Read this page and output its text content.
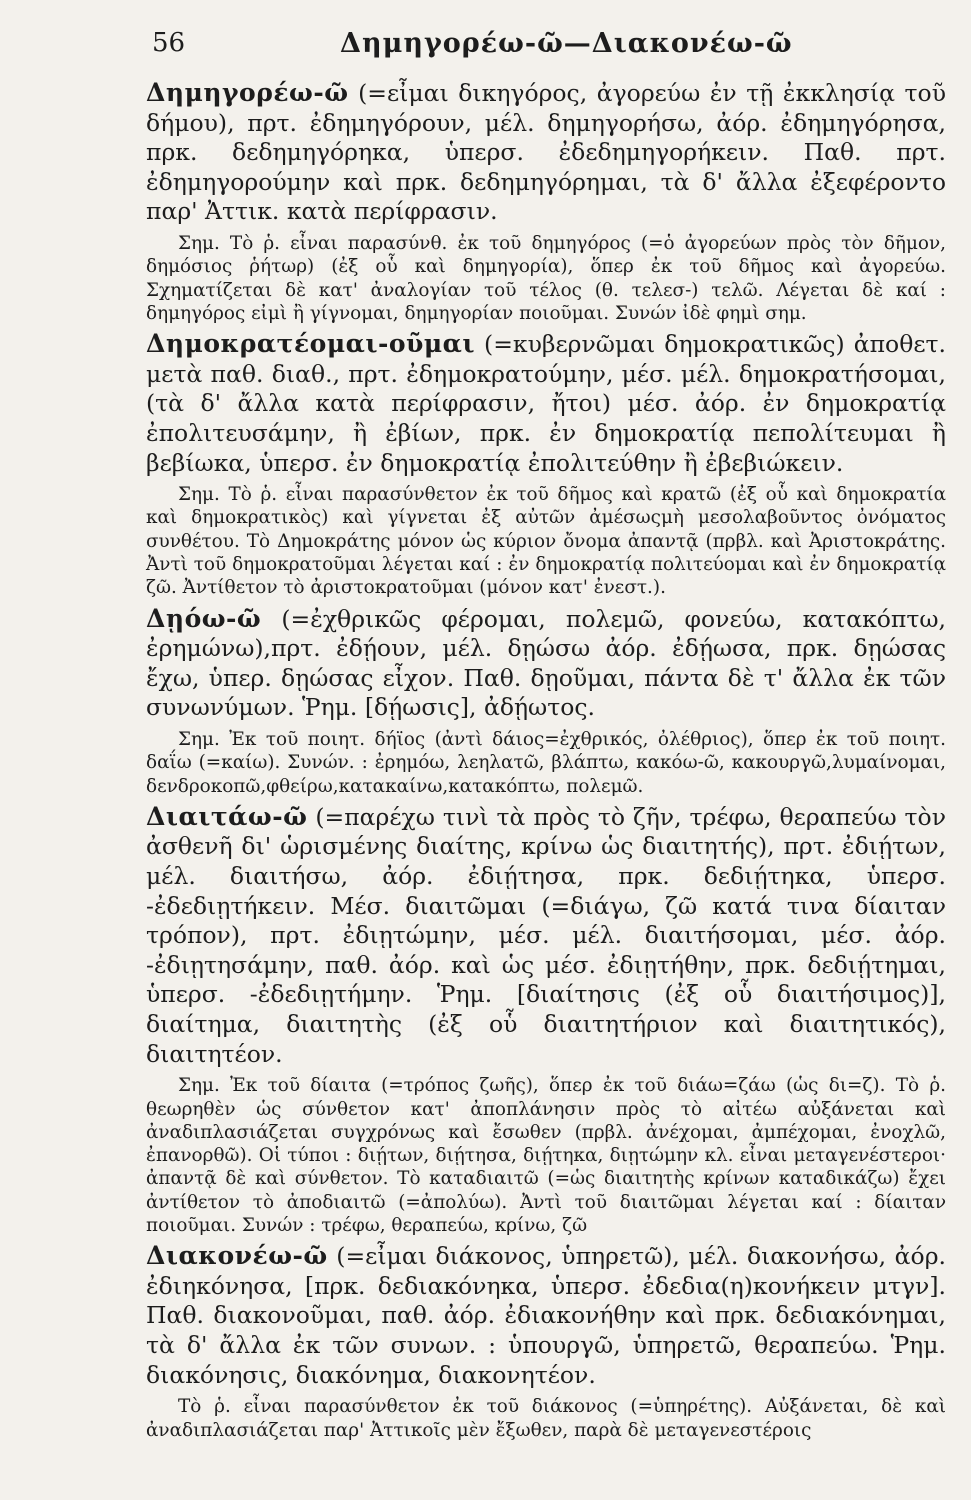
56	Δημηγορέω-ῶ—Διακονέω-ῶ

Δημηγορέω-ῶ (=εἶμαι δικηγόρος, ἀγορεύω ἐν τῇ ἐκκλησίᾳ τοῦ δήμου), πρτ. ἐδημηγόρουν, μέλ. δημηγορήσω, ἀόρ. ἐδημηγόρησα, πρκ. δεδημηγόρηκα, ὑπερσ. ἐδεδημηγορήκειν. Παθ. πρτ. ἐδημηγορούμην καὶ πρκ. δεδημηγόρημαι, τὰ δ' ἄλλα ἐξεφέροντο παρ' Ἀττικ. κατὰ περίφρασιν.

Σημ. Τὸ ῥ. εἶναι παρασύνθ. ἐκ τοῦ δημηγόρος (=ὁ ἀγορεύων πρὸς τὸν δῆμον, δημόσιος ῥήτωρ) (ἐξ οὗ καὶ δημηγορία), ὅπερ ἐκ τοῦ δῆμος καὶ ἀγορεύω. Σχηματίζεται δὲ κατ' ἀναλογίαν τοῦ τέλος (θ. τελεσ-) τελῶ. Λέγεται δὲ καί : δημηγόρος εἰμὶ ἢ γίγνομαι, δημηγορίαν ποιοῦμαι. Συνών ἰδὲ φημὶ σημ.

Δημοκρατέομαι-οῦμαι (=κυβερνῶμαι δημοκρατικῶς) ἀποθετ. μετὰ παθ. διαθ., πρτ. ἐδημοκρατούμην, μέσ. μέλ. δημοκρατήσομαι, (τὰ δ' ἄλλα κατὰ περίφρασιν, ἤτοι) μέσ. ἀόρ. ἐν δημοκρατίᾳ ἐπολιτευσάμην, ἢ ἐβίων, πρκ. ἐν δημοκρατίᾳ πεπολίτευμαι ἢ βεβίωκα, ὑπερσ. ἐν δημοκρατίᾳ ἐπολιτεύθην ἢ ἐβεβιώκειν.

Σημ. Τὸ ῥ. εἶναι παρασύνθετον ἐκ τοῦ δῆμος καὶ κρατῶ (ἐξ οὗ καὶ δημοκρατία καὶ δημοκρατικὸς) καὶ γίγνεται ἐξ αὐτῶν ἀμέσωςμὴ μεσολαβοῦντος ὀνόματος συνθέτου. Τὸ Δημοκράτης μόνον ὡς κύριον ὄνομα ἀπαντᾷ (πρβλ. καὶ Ἀριστοκράτης. Ἀντὶ τοῦ δημοκρατοῦμαι λέγεται καί : ἐν δημοκρατίᾳ πολιτεύομαι καὶ ἐν δημοκρατίᾳ ζῶ. Ἀντίθετον τὸ ἀριστοκρατοῦμαι (μόνον κατ' ἐνεστ.).

Δῃόω-ῶ (=ἐχθρικῶς φέρομαι, πολεμῶ, φονεύω, κατακόπτω, ἐρημώνω),πρτ. ἐδῄουν, μέλ. δῃώσω ἀόρ. ἐδῄωσα, πρκ. δῃώσας ἔχω, ὑπερ. δῃώσας εἶχον. Παθ. δῃοῦμαι, πάντα δὲ τ' ἄλλα ἐκ τῶν συνωνύμων. Ῥημ. [δῄωσις], ἀδῄωτος.

Σημ. Ἐκ τοῦ ποιητ. δήϊος (ἀντὶ δάιος=ἐχθρικός, ὀλέθριος), ὅπερ ἐκ τοῦ ποιητ. δαΐω (=καίω). Συνών. : ἐρημόω, λεηλατῶ, βλάπτω, κακόω-ῶ, κακουργῶ,λυμαίνομαι, δενδροκοπῶ,φθείρω,κατακαίνω,κατακόπτω, πολεμῶ.

Διαιτάω-ῶ (=παρέχω τινὶ τὰ πρὸς τὸ ζῆν, τρέφω, θεραπεύω τὸν ἀσθενῆ δι' ὡρισμένης διαίτης, κρίνω ὡς διαιτητής), πρτ. ἐδιῄτων, μέλ. διαιτήσω, ἀόρ. ἐδιῄτησα, πρκ. δεδιῄτηκα, ὑπερσ. -ἐδεδιῃτήκειν. Μέσ. διαιτῶμαι (=διάγω, ζῶ κατά τινα δίαιταν τρόπον), πρτ. ἐδιῃτώμην, μέσ. μέλ. διαιτήσομαι, μέσ. ἀόρ. -ἐδιῃτησάμην, παθ. ἀόρ. καὶ ὡς μέσ. ἐδιῃτήθην, πρκ. δεδιῄτημαι, ὑπερσ. -ἐδεδιῃτήμην. Ῥημ. [διαίτησις (ἐξ οὗ διαιτήσιμος)], διαίτημα, διαιτητὴς (ἐξ οὗ διαιτητήριον καὶ διαιτητικός), διαιτητέον.

Σημ. Ἐκ τοῦ δίαιτα (=τρόπος ζωῆς), ὅπερ ἐκ τοῦ διάω=ζάω (ὡς δι=ζ). Τὸ ῥ. θεωρηθὲν ὡς σύνθετον κατ' ἀποπλάνησιν πρὸς τὸ αἰτέω αὐξάνεται καὶ ἀναδιπλασιάζεται συγχρόνως καὶ ἔσωθεν (πρβλ. ἀνέχομαι, ἀμπέχομαι, ἐνοχλῶ, ἐπανορθῶ). Οἱ τύποι : διῄτων, διῄτησα, διῄτηκα, διῃτώμην κλ. εἶναι μεταγενέστεροι· ἀπαντᾷ δὲ καὶ σύνθετον. Τὸ καταδιαιτῶ (=ὡς διαιτητὴς κρίνων καταδικάζω) ἔχει ἀντίθετον τὸ ἀποδιαιτῶ (=ἀπολύω). Ἀντὶ τοῦ διαιτῶμαι λέγεται καί : δίαιταν ποιοῦμαι. Συνών : τρέφω, θεραπεύω, κρίνω, ζῶ

Διακονέω-ῶ (=εἶμαι διάκονος, ὑπηρετῶ), μέλ. διακονήσω, ἀόρ. ἐδιηκόνησα, [πρκ. δεδιακόνηκα, ὑπερσ. ἐδεδια(η)κονήκειν μτγν]. Παθ. διακονοῦμαι, παθ. ἀόρ. ἐδιακονήθην καὶ πρκ. δεδιακόνημαι, τὰ δ' ἄλλα ἐκ τῶν συνων. : ὑπουργῶ, ὑπηρετῶ, θεραπεύω. Ῥημ. διακόνησις, διακόνημα, διακονητέον.

Τὸ ῥ. εἶναι παρασύνθετον ἐκ τοῦ διάκονος (=ὑπηρέτης). Αὐξάνεται, δὲ καὶ ἀναδιπλασιάζεται παρ' Ἀττικοῖς μὲν ἔξωθεν, παρὰ δὲ μεταγενεστέροις
